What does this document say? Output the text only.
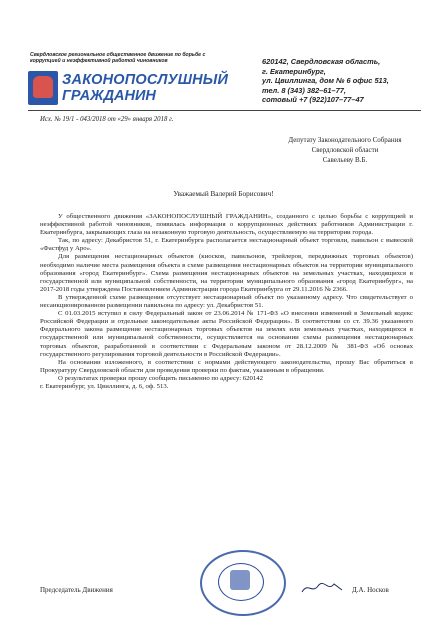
Свердловское региональное общественное движение по борьбе с коррупцией и неэффективной работой чиновников
ЗАКОНОПОСЛУШНЫЙ
ГРАЖДАНИН
620142, Свердловская область,
г. Екатеринбург,
ул. Цвиллинга, дом № 6 офис 513,
тел. 8 (343) 382–61–77,
сотовый +7 (922)107–77–47
Исх. № 19/1 - 043/2018 от «29» января 2018 г.
Депутату Законодательного Собрания
Свердловской области
Савельеву В.Б.
Уважаемый Валерий Борисович!

У общественного движения «ЗАКОНОПОСЛУШНЫЙ ГРАЖДАНИН», созданного с целью борьбы с коррупцией и неэффективной работой чиновников, появилась информация о коррупционных действиях работников Администрации г. Екатеринбурга, закрывающих глаза на незаконную торговую деятельность, осуществляемую на территории города.

Так, по адресу: Декабристов 51, г. Екатеринбурга располагается нестационарный объект торговли, павильон с вывеской «Фастфуд у Аро».

Для размещения нестационарных объектов (киосков, павильонов, трейлеров, передвижных торговых объектов) необходимо наличие места размещения объекта в схеме размещения нестационарных объектов на территории муниципального образования «город Екатеринбург». Схема размещения нестационарных объектов на земельных участках, находящихся в государственной или муниципальной собственности, на территории муниципального образования «город Екатеринбург», на 2017-2018 годы утверждена Постановлением Администрации города Екатеринбурга от 29.11.2016 № 2366.

В утвержденной схеме размещения отсутствует нестационарный объект по указанному адресу. Что свидетельствует о несанкционированном размещении павильона по адресу: ул. Декабристов 51.

С 01.03.2015 вступил в силу Федеральный закон от 23.06.2014 № 171-ФЗ «О внесении изменений в Земельный кодекс Российской Федерации и отдельные законодательные акты Российской Федерации». В соответствии со ст. 39.36 указанного Федерального закона размещение нестационарных торговых объектов на землях или земельных участках, находящихся в государственной или муниципальной собственности, осуществляется на основании схемы размещения нестационарных торговых объектов, разработанной в соответствии с Федеральным законом от 28.12.2009 № 381-ФЗ «Об основах государственного регулирования торговой деятельности в Российской Федерации».

На основании изложенного, в соответствии с нормами действующего законодательства, прошу Вас обратиться в Прокуратуру Свердловской области для проведения проверки по фактам, указанным в обращении.

О результатах проверки прошу сообщить письменно по адресу: 620142

г. Екатеринбург, ул. Цвиллинга, д. 6, оф. 513.

Председатель Движения	Д.А. Носков
